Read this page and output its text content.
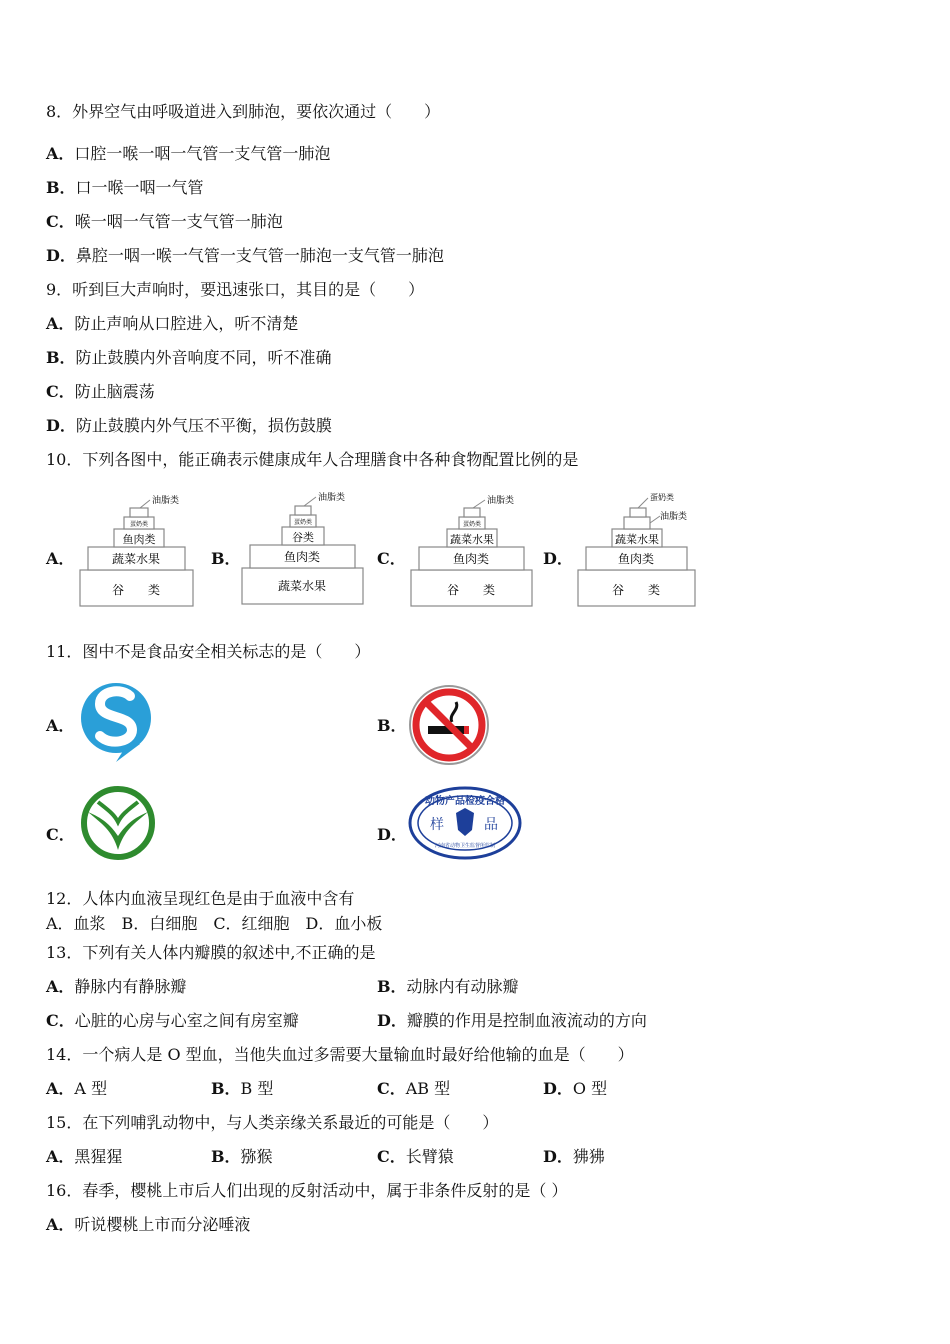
8．外界空气由呼吸道进入到肺泡，要依次通过（　　）
A．口腔一喉一咽一气管一支气管一肺泡
B．口一喉一咽一气管
C．喉一咽一气管一支气管一肺泡
D．鼻腔一咽一喉一气管一支气管一肺泡一支气管一肺泡
9．听到巨大声响时，要迅速张口，其目的是（　　）
A．防止声响从口腔进入，听不清楚
B．防止鼓膜内外音响度不同，听不准确
C．防止脑震荡
D．防止鼓膜内外气压不平衡，损伤鼓膜
10．下列各图中，能正确表示健康成年人合理膳食中各种食物配置比例的是
A．
油脂类
蛋奶类
鱼肉类
蔬菜水果
谷　　类
B．
油脂类
蛋奶类
谷类
鱼肉类
蔬菜水果
C．
油脂类
蛋奶类
蔬菜水果
鱼肉类
谷　　类
D．
蛋奶类
油脂类
蔬菜水果
鱼肉类
谷　　类
11．图中不是食品安全相关标志的是（　　）
A．	B．
C．	D．
动物产品检疫合格
样	品
河南省动物卫生监督所监制
12．人体内血液呈现红色是由于血液中含有
A．血浆　B．白细胞　C．红细胞　D．血小板
13．下列有关人体内瓣膜的叙述中,不正确的是
A．静脉内有静脉瓣	B．动脉内有动脉瓣
C．心脏的心房与心室之间有房室瓣	D．瓣膜的作用是控制血液流动的方向
14．一个病人是 O 型血，当他失血过多需要大量输血时最好给他输的血是（　　）
A．A 型	B．B 型	C．AB 型	D．O 型
15．在下列哺乳动物中，与人类亲缘关系最近的可能是（　　）
A．黑猩猩	B．猕猴	C．长臂猿	D．狒狒
16．春季，樱桃上市后人们出现的反射活动中，属于非条件反射的是（ ）
A．听说樱桃上市而分泌唾液
